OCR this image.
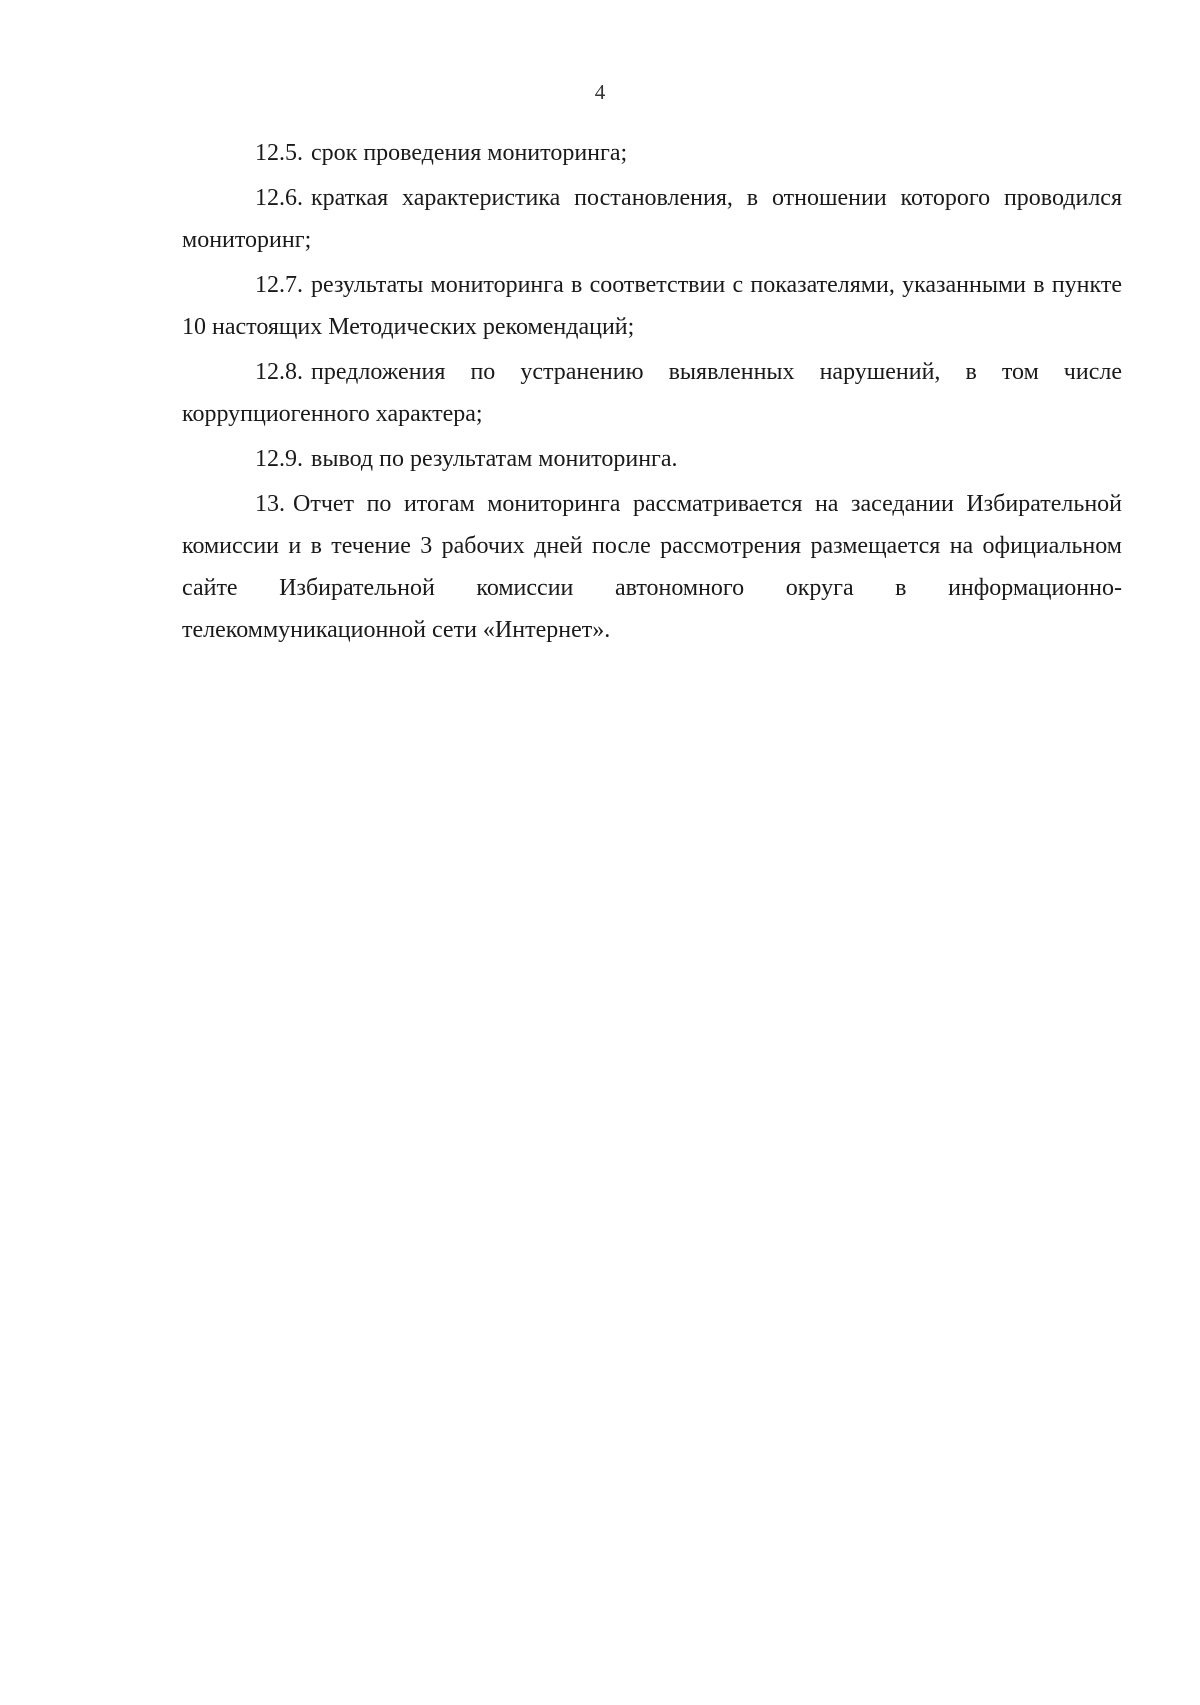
4

12.5. срок проведения мониторинга;

12.6. краткая характеристика постановления, в отношении которого проводился мониторинг;

12.7. результаты мониторинга в соответствии с показателями, указанными в пункте 10 настоящих Методических рекомендаций;

12.8. предложения по устранению выявленных нарушений, в том числе коррупциогенного характера;

12.9. вывод по результатам мониторинга.

13. Отчет по итогам мониторинга рассматривается на заседании Избирательной комиссии и в течение 3 рабочих дней после рассмотрения размещается на официальном сайте Избирательной комиссии автономного округа в информационно-телекоммуникационной сети «Интернет».
